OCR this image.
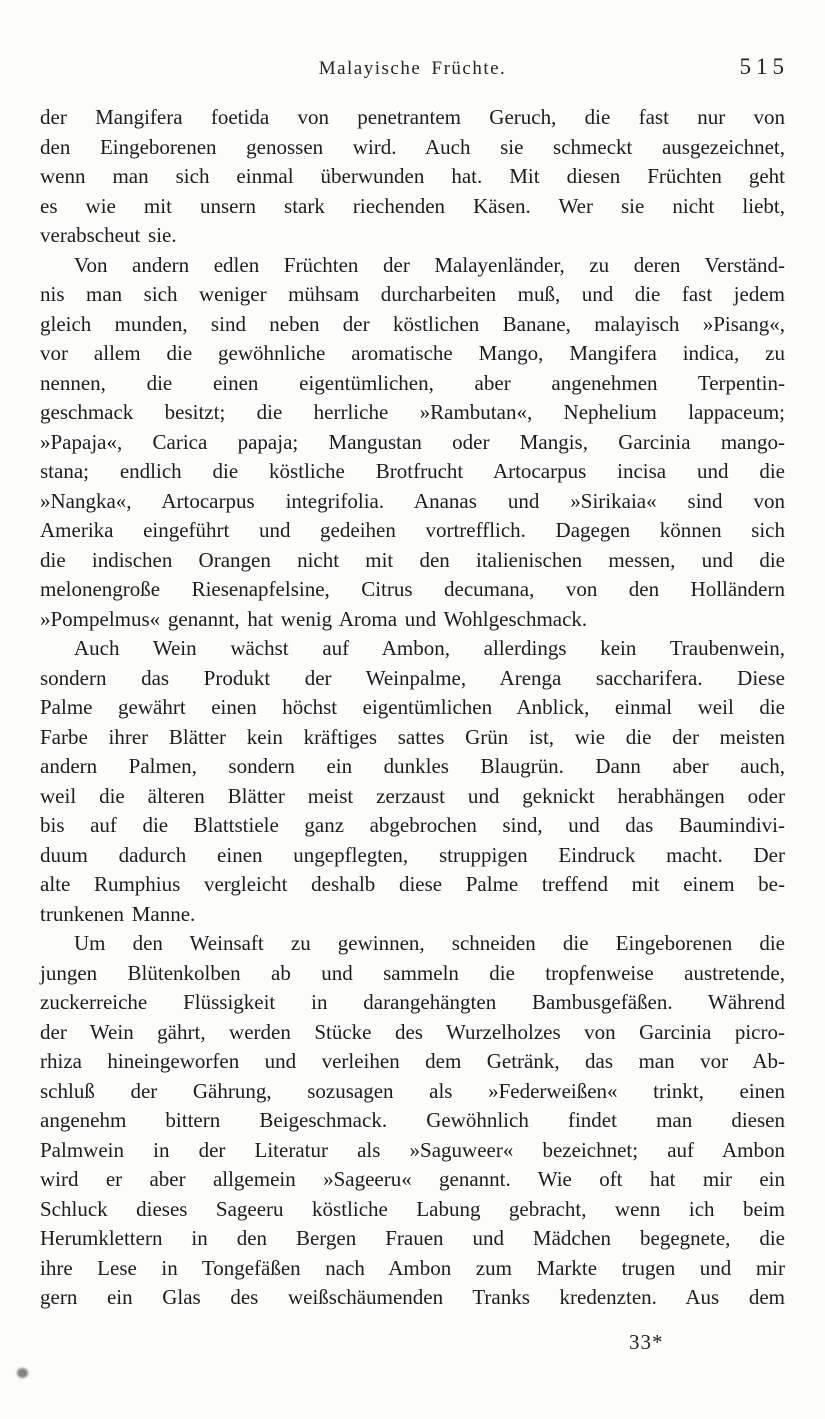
Malayische Früchte.	515
der Mangifera foetida von penetrantem Geruch, die fast nur von
den Eingeborenen genossen wird. Auch sie schmeckt ausgezeichnet,
wenn man sich einmal überwunden hat. Mit diesen Früchten geht
es wie mit unsern stark riechenden Käsen. Wer sie nicht liebt,
verabscheut sie.
Von andern edlen Früchten der Malayenländer, zu deren Verständ-
nis man sich weniger mühsam durcharbeiten muß, und die fast jedem
gleich munden, sind neben der köstlichen Banane, malayisch »Pisang«,
vor allem die gewöhnliche aromatische Mango, Mangifera indica, zu
nennen, die einen eigentümlichen, aber angenehmen Terpentin-
geschmack besitzt; die herrliche »Rambutan«, Nephelium lappaceum;
»Papaja«, Carica papaja; Mangustan oder Mangis, Garcinia mango-
stana; endlich die köstliche Brotfrucht Artocarpus incisa und die
»Nangka«, Artocarpus integrifolia. Ananas und »Sirikaia« sind von
Amerika eingeführt und gedeihen vortrefflich. Dagegen können sich
die indischen Orangen nicht mit den italienischen messen, und die
melonengroße Riesenapfelsine, Citrus decumana, von den Holländern
»Pompelmus« genannt, hat wenig Aroma und Wohlgeschmack.
Auch Wein wächst auf Ambon, allerdings kein Traubenwein,
sondern das Produkt der Weinpalme, Arenga saccharifera. Diese
Palme gewährt einen höchst eigentümlichen Anblick, einmal weil die
Farbe ihrer Blätter kein kräftiges sattes Grün ist, wie die der meisten
andern Palmen, sondern ein dunkles Blaugrün. Dann aber auch,
weil die älteren Blätter meist zerzaust und geknickt herabhängen oder
bis auf die Blattstiele ganz abgebrochen sind, und das Baumindivi-
duum dadurch einen ungepflegten, struppigen Eindruck macht. Der
alte Rumphius vergleicht deshalb diese Palme treffend mit einem be-
trunkenen Manne.
Um den Weinsaft zu gewinnen, schneiden die Eingeborenen die
jungen Blütenkolben ab und sammeln die tropfenweise austretende,
zuckerreiche Flüssigkeit in darangehängten Bambusgefäßen. Während
der Wein gährt, werden Stücke des Wurzelholzes von Garcinia picro-
rhiza hineingeworfen und verleihen dem Getränk, das man vor Ab-
schluß der Gährung, sozusagen als »Federweißen« trinkt, einen
angenehm bittern Beigeschmack. Gewöhnlich findet man diesen
Palmwein in der Literatur als »Saguweer« bezeichnet; auf Ambon
wird er aber allgemein »Sageeru« genannt. Wie oft hat mir ein
Schluck dieses Sageeru köstliche Labung gebracht, wenn ich beim
Herumklettern in den Bergen Frauen und Mädchen begegnete, die
ihre Lese in Tongefäßen nach Ambon zum Markte trugen und mir
gern ein Glas des weißschäumenden Tranks kredenzten. Aus dem
33*
